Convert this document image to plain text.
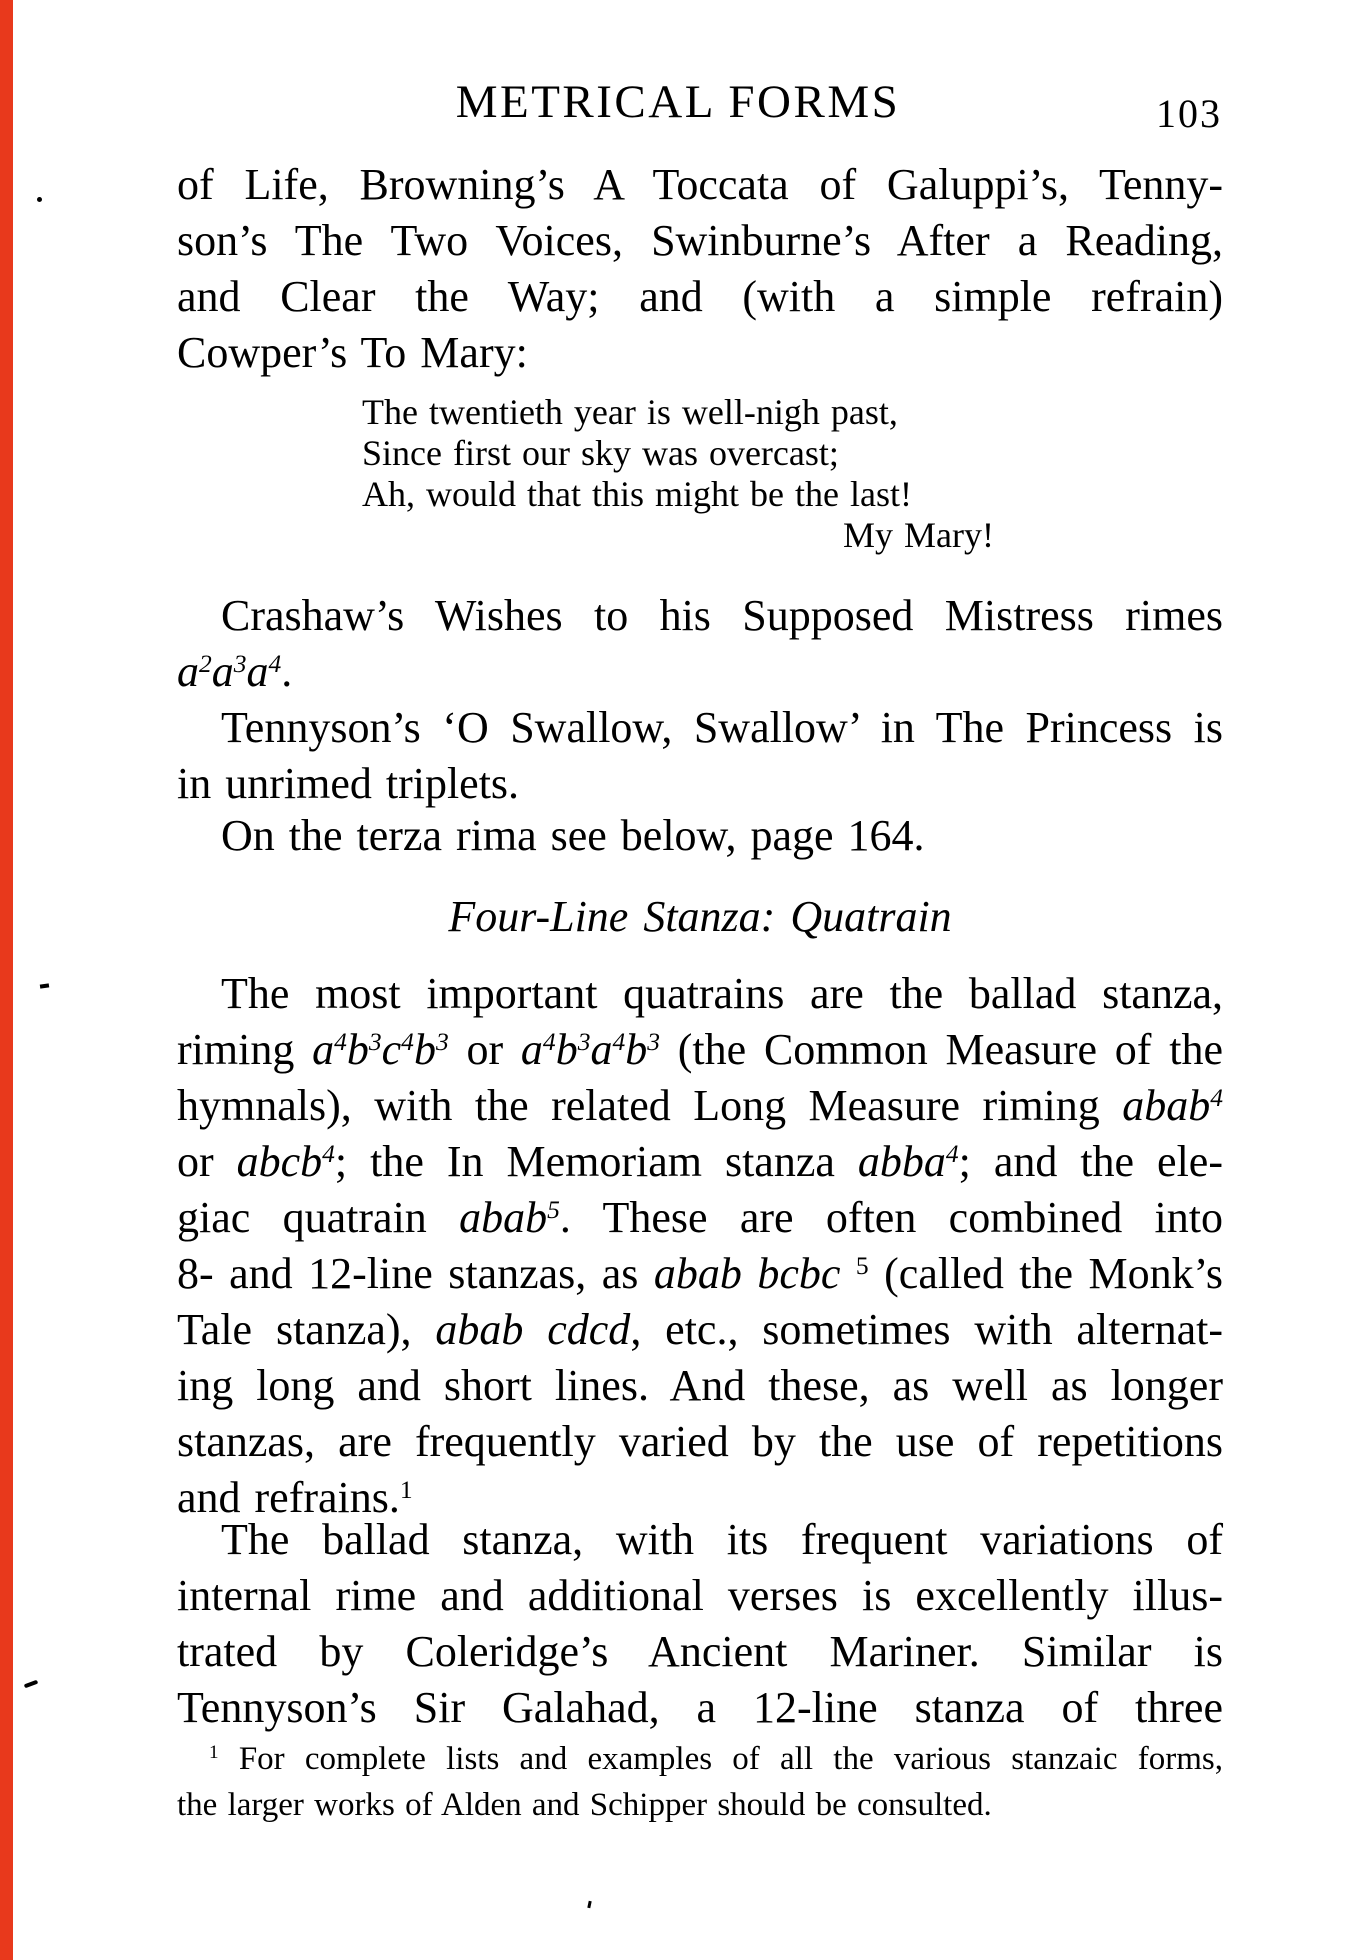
METRICAL FORMS	103
of Life, Browning’s A Toccata of Galuppi’s, Tenny-
son’s The Two Voices, Swinburne’s After a Reading,
and Clear the Way; and (with a simple refrain)
Cowper’s To Mary:
The twentieth year is well-nigh past,
Since first our sky was overcast;
Ah, would that this might be the last!
My Mary!
Crashaw’s Wishes to his Supposed Mistress rimes
$a^2a^3a^4$.
Tennyson’s ‘O Swallow, Swallow’ in The Princess is
in unrimed triplets.
On the terza rima see below, page 164.
Four-Line Stanza: Quatrain
The most important quatrains are the ballad stanza,
riming $a^4b^3c^4b^3$ or $a^4b^3a^4b^3$ (the Common Measure of the
hymnals), with the related Long Measure riming abab$^4$
or abcb$^4$; the In Memoriam stanza abba$^4$; and the ele-
giac quatrain abab$^5$. These are often combined into
8- and 12-line stanzas, as abab bcbc $^5$ (called the Monk’s
Tale stanza), abab cdcd, etc., sometimes with alternat-
ing long and short lines. And these, as well as longer
stanzas, are frequently varied by the use of repetitions
and refrains.$^1$
The ballad stanza, with its frequent variations of
internal rime and additional verses is excellently illus-
trated by Coleridge’s Ancient Mariner. Similar is
Tennyson’s Sir Galahad, a 12-line stanza of three
$^1$ For complete lists and examples of all the various stanzaic forms,
the larger works of Alden and Schipper should be consulted.
